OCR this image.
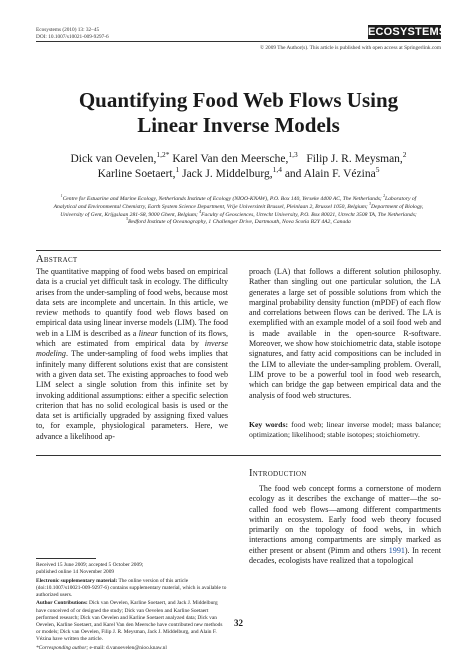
Ecosystems (2010) 13: 32–45
DOI: 10.1007/s10021-009-9297-6	ECOSYSTEMS
© 2009 The Author(s). This article is published with open access at Springerlink.com
Quantifying Food Web Flows Using
Linear Inverse Models
Dick van Oevelen,$^{1,2*}$ Karel Van den Meersche,$^{1,3}$   Filip J. R. Meysman,$^2$
Karline Soetaert,$^1$ Jack J. Middelburg,$^{1,4}$ and Alain F. Vézina$^5$
$^1$Centre for Estuarine and Marine Ecology, Netherlands Institute of Ecology (NIOO-KNAW), P.O. Box 140, Yerseke 4400 AC, The Netherlands; $^2$Laboratory of Analytical and Environmental Chemistry, Earth System Science Department, Vrije Universiteit Brussel, Pleinlaan 2, Brussel 1050, Belgium; $^3$Department of Biology, University of Gent, Krijgslaan 281-S8, 9000 Ghent, Belgium; $^4$Faculty of Geosciences, Utrecht University, P.O. Box 80021, Utrecht 3508 TA, The Netherlands; $^5$Bedford Institute of Oceanography, 1 Challenger Drive, Dartmouth, Nova Scotia B2Y 4A2, Canada
Abstract
The quantitative mapping of food webs based on empirical data is a crucial yet difficult task in ecology. The difficulty arises from the under-sampling of food webs, because most data sets are incomplete and uncertain. In this article, we review methods to quantify food web flows based on empirical data using linear inverse models (LIM). The food web in a LIM is described as a linear function of its flows, which are estimated from empirical data by inverse modeling. The under-sampling of food webs implies that infinitely many different solutions exist that are consistent with a given data set. The existing approaches to food web LIM select a single solution from this infinite set by invoking additional assumptions: either a specific selection criterion that has no solid ecological basis is used or the data set is artificially upgraded by assigning fixed values to, for example, physiological parameters. Here, we advance a likelihood ap-
proach (LA) that follows a different solution philosophy. Rather than singling out one particular solution, the LA generates a large set of possible solutions from which the marginal probability density function (mPDF) of each flow and correlations between flows can be derived. The LA is exemplified with an example model of a soil food web and is made available in the open-source R-software. Moreover, we show how stoichiometric data, stable isotope signatures, and fatty acid compositions can be included in the LIM to alleviate the under-sampling problem. Overall, LIM prove to be a powerful tool in food web research, which can bridge the gap between empirical data and the analysis of food web structures.
Key words: food web; linear inverse model; mass balance; optimization; likelihood; stable isotopes; stoichiometry.

Received 15 June 2009; accepted 5 October 2009;
published online 14 November 2009

Electronic supplementary material: The online version of this article (doi:10.1007/s10021-009-9297-6) contains supplementary material, which is available to authorized users.

Author Contributions: Dick van Oevelen, Karline Soetaert, and Jack J. Middelburg have conceived of or designed the study; Dick van Oevelen and Karline Soetaert performed research; Dick van Oevelen and Karline Soetaert analyzed data; Dick van Oevelen, Karline Soetaert, and Karel Van den Meersche have contributed new methods or models; Dick van Oevelen, Filip J. R. Meysman, Jack J. Middelburg, and Alain F. Vézina have written the article.

*Corresponding author; e-mail: d.vanoevelen@nioo.knaw.nl

Introduction
The food web concept forms a cornerstone of modern ecology as it describes the exchange of matter—the so-called food web flows—among different compartments within an ecosystem. Early food web theory focused primarily on the topology of food webs, in which interactions among compartments are simply marked as either present or absent (Pimm and others 1991). In recent decades, ecologists have realized that a topological
32
